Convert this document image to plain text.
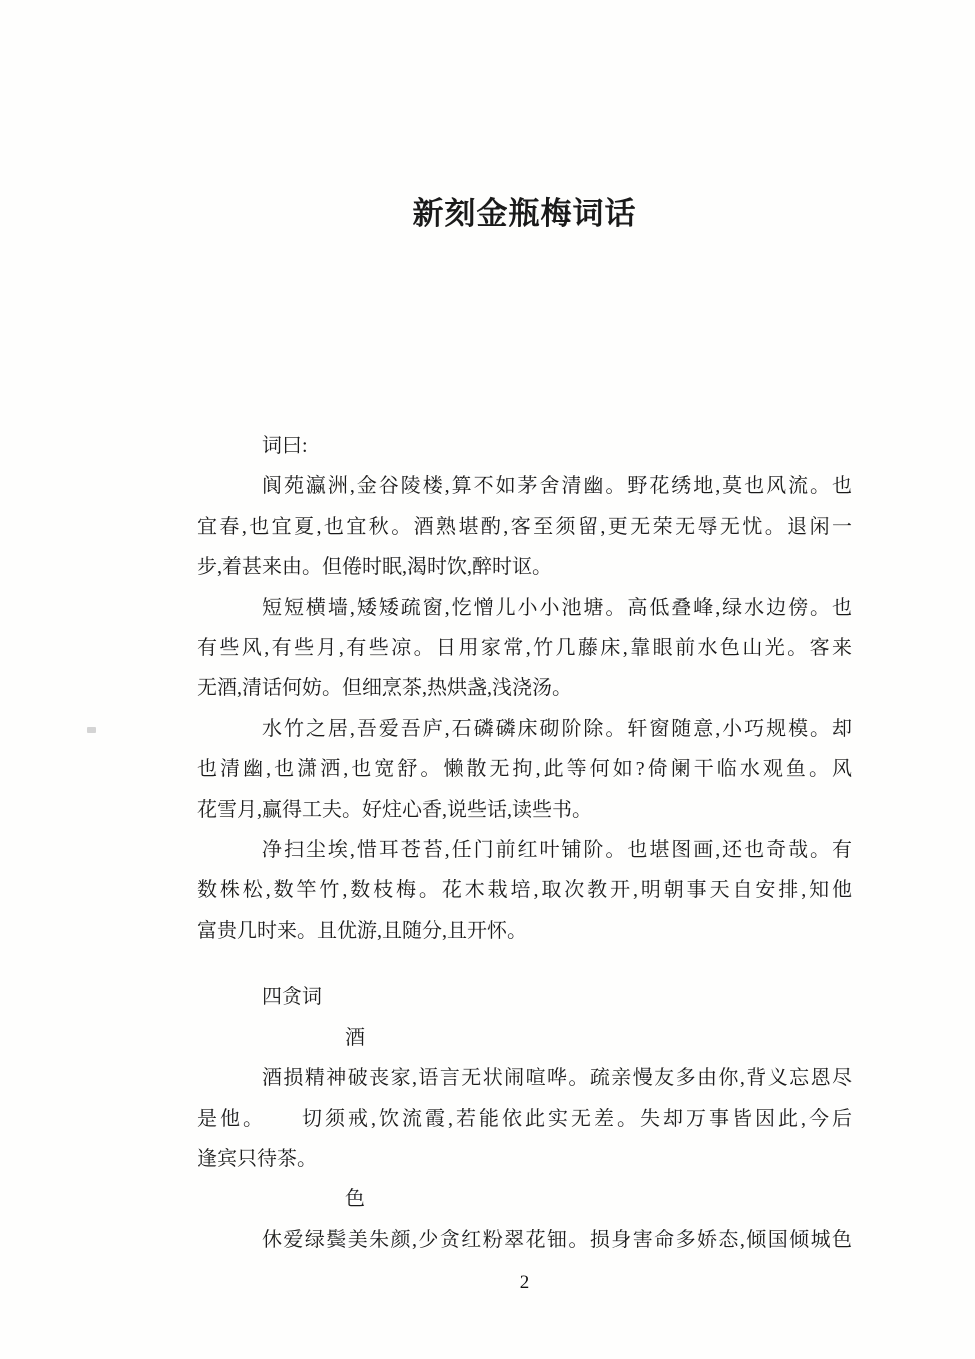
新刻金瓶梅词话
词曰:
阆苑瀛洲,金谷陵楼,算不如茅舍清幽。野花绣地,莫也风流。也
宜春,也宜夏,也宜秋。酒熟堪酌,客至须留,更无荣无辱无忧。退闲一
步,着甚来由。但倦时眠,渴时饮,醉时讴。
短短横墙,矮矮疏窗,忔憎儿小小池塘。高低叠峰,绿水边傍。也
有些风,有些月,有些凉。日用家常,竹几藤床,靠眼前水色山光。客来
无酒,清话何妨。但细烹茶,热烘盏,浅浇汤。
水竹之居,吾爱吾庐,石磷磷床砌阶除。轩窗随意,小巧规模。却
也清幽,也潇洒,也宽舒。懒散无拘,此等何如?倚阑干临水观鱼。风
花雪月,赢得工夫。好炷心香,说些话,读些书。
净扫尘埃,惜耳苍苔,任门前红叶铺阶。也堪图画,还也奇哉。有
数株松,数竿竹,数枝梅。花木栽培,取次教开,明朝事天自安排,知他
富贵几时来。且优游,且随分,且开怀。
四贪词
酒
酒损精神破丧家,语言无状闹喧哗。疏亲慢友多由你,背义忘恩尽
是他。　　切须戒,饮流霞,若能依此实无差。失却万事皆因此,今后
逢宾只待茶。
色
休爱绿鬓美朱颜,少贪红粉翠花钿。损身害命多娇态,倾国倾城色
2
